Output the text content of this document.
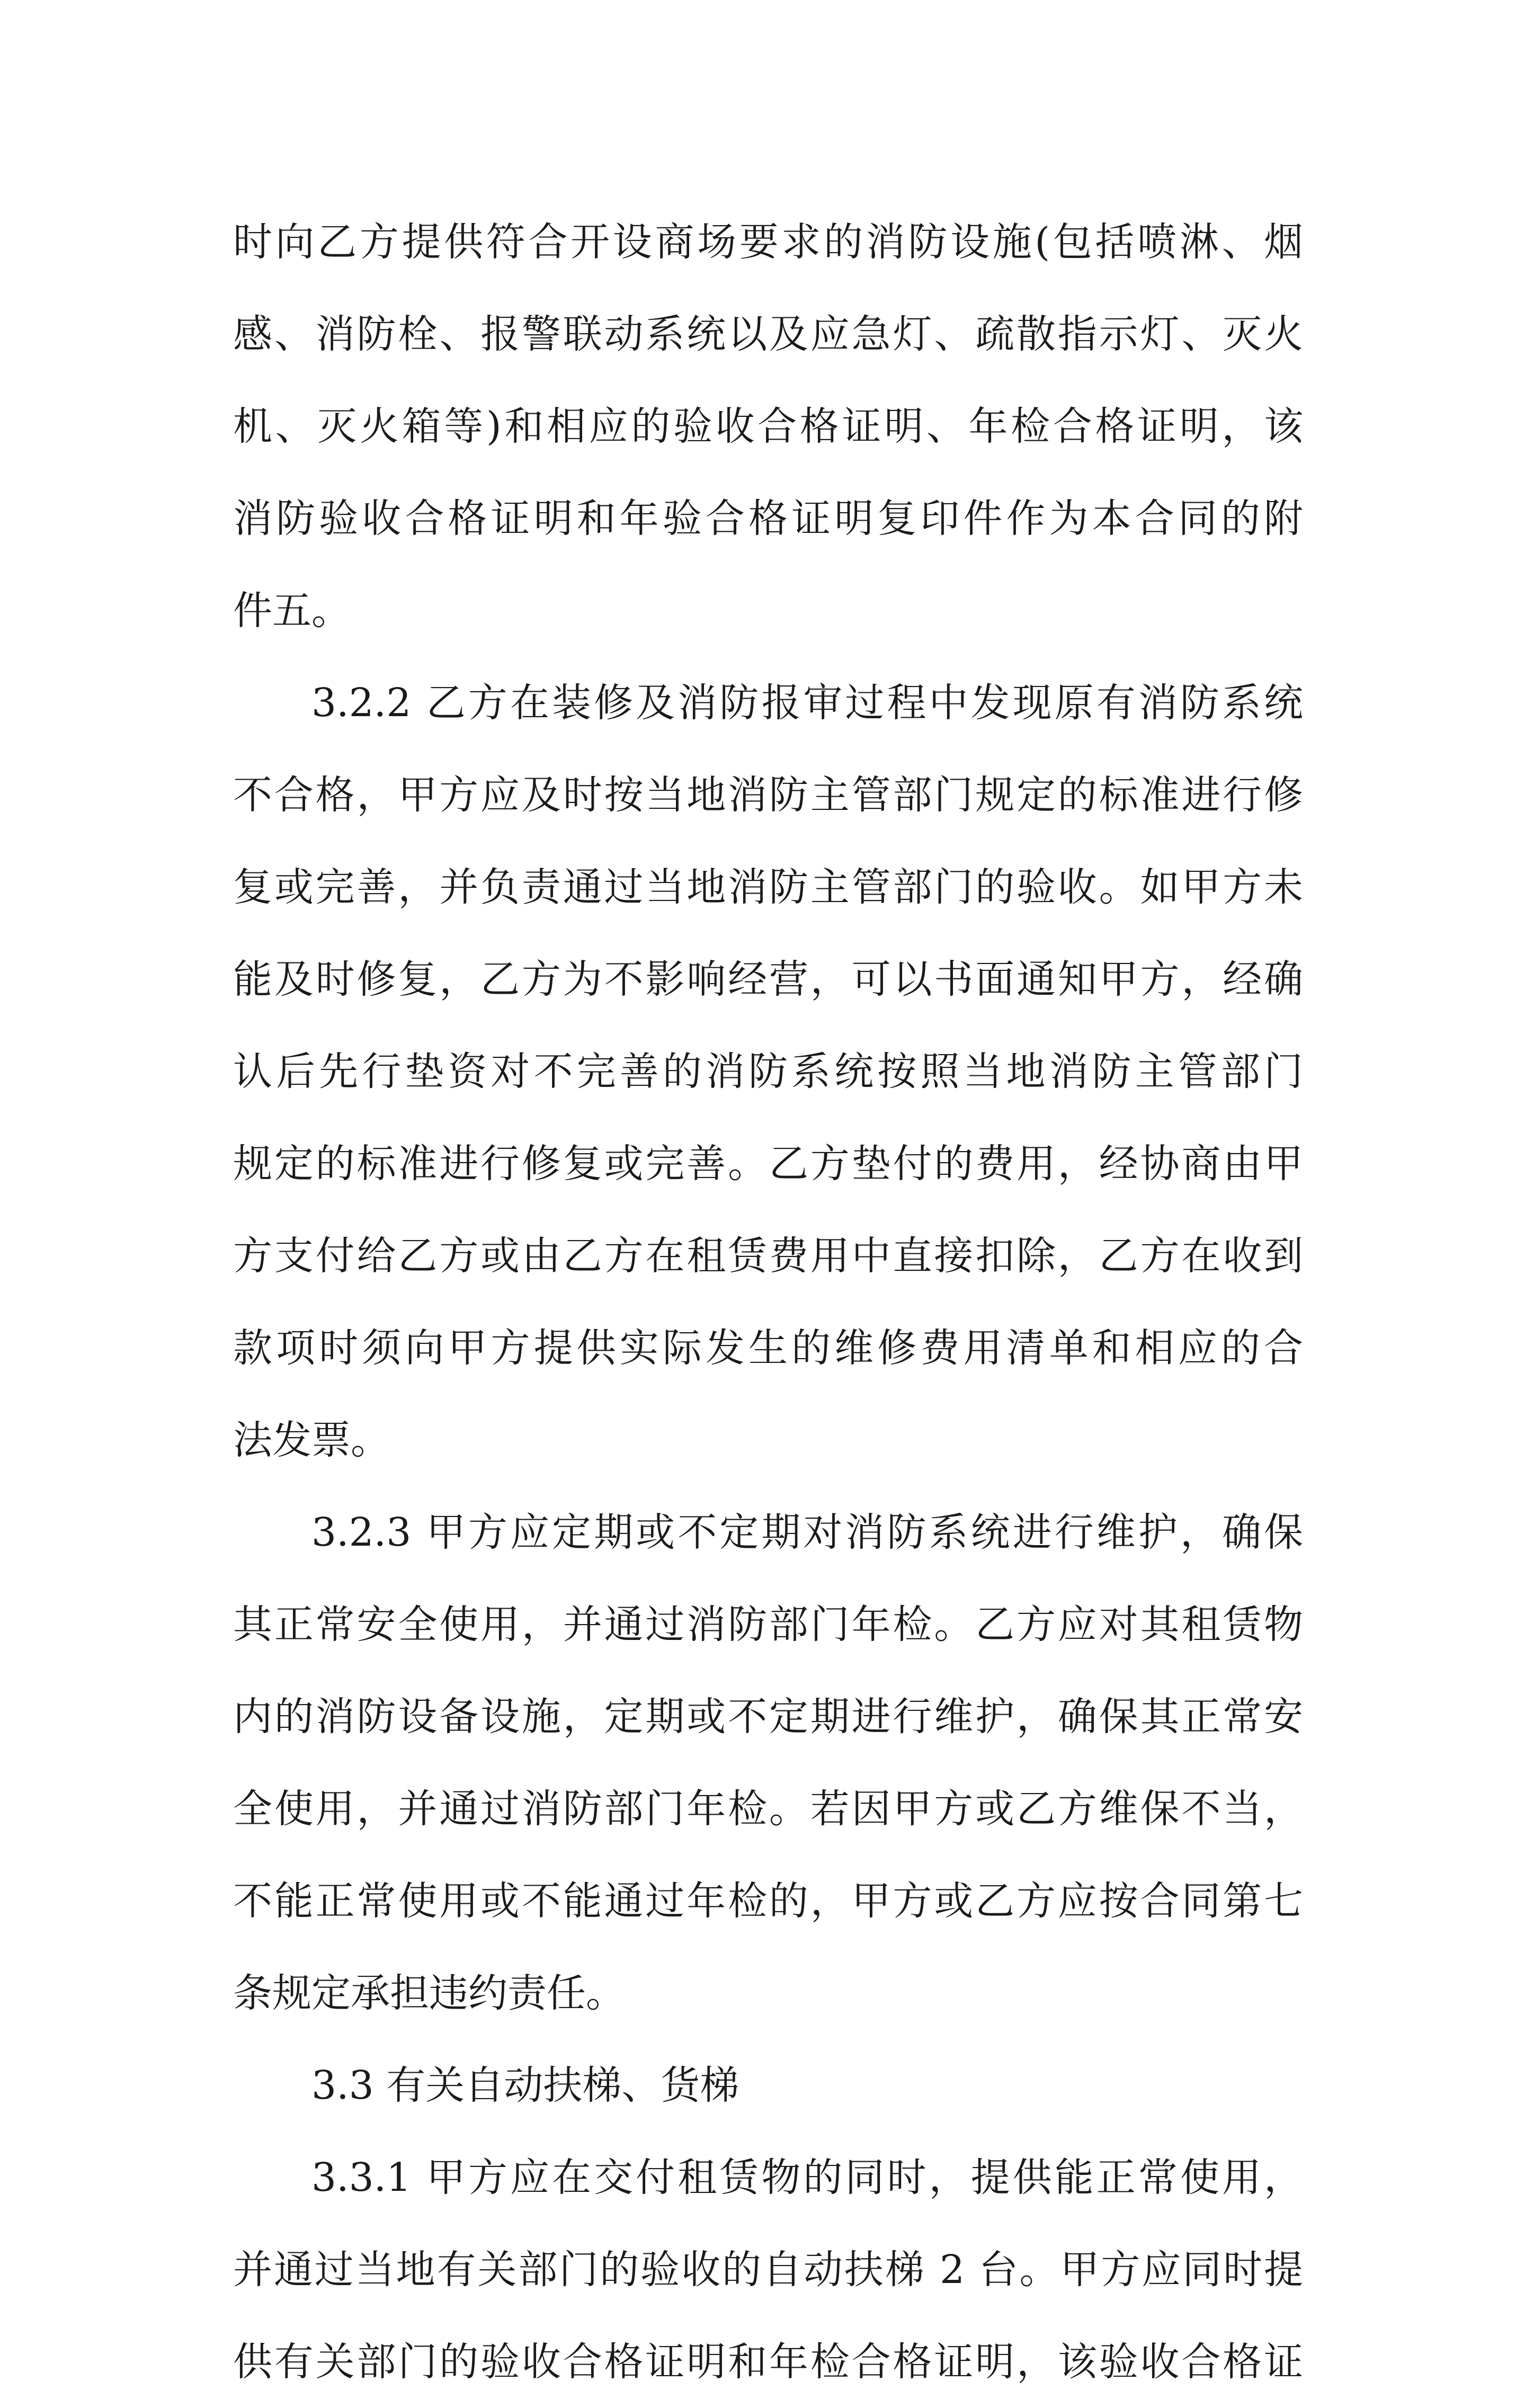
时向乙方提供符合开设商场要求的消防设施(包括喷淋、烟
感、消防栓、报警联动系统以及应急灯、疏散指示灯、灭火
机、灭火箱等)和相应的验收合格证明、年检合格证明，该
消防验收合格证明和年验合格证明复印件作为本合同的附
件五。
3.2.2 乙方在装修及消防报审过程中发现原有消防系统
不合格，甲方应及时按当地消防主管部门规定的标准进行修
复或完善，并负责通过当地消防主管部门的验收。如甲方未
能及时修复，乙方为不影响经营，可以书面通知甲方，经确
认后先行垫资对不完善的消防系统按照当地消防主管部门
规定的标准进行修复或完善。乙方垫付的费用，经协商由甲
方支付给乙方或由乙方在租赁费用中直接扣除，乙方在收到
款项时须向甲方提供实际发生的维修费用清单和相应的合
法发票。
3.2.3 甲方应定期或不定期对消防系统进行维护，确保
其正常安全使用，并通过消防部门年检。乙方应对其租赁物
内的消防设备设施，定期或不定期进行维护，确保其正常安
全使用，并通过消防部门年检。若因甲方或乙方维保不当，
不能正常使用或不能通过年检的，甲方或乙方应按合同第七
条规定承担违约责任。
3.3 有关自动扶梯、货梯
3.3.1 甲方应在交付租赁物的同时，提供能正常使用，
并通过当地有关部门的验收的自动扶梯 2 台。甲方应同时提
供有关部门的验收合格证明和年检合格证明，该验收合格证
